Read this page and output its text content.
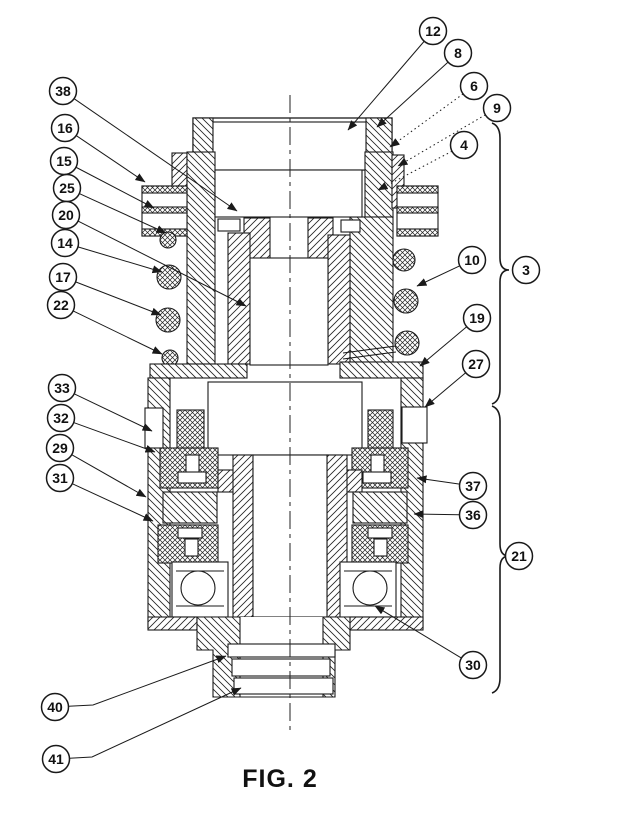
12
8
6
9
4
38
16
15
25
20
14
17
22
33
32
29
31
40
41
10
19
27
37
36
30
3
21
FIG. 2
